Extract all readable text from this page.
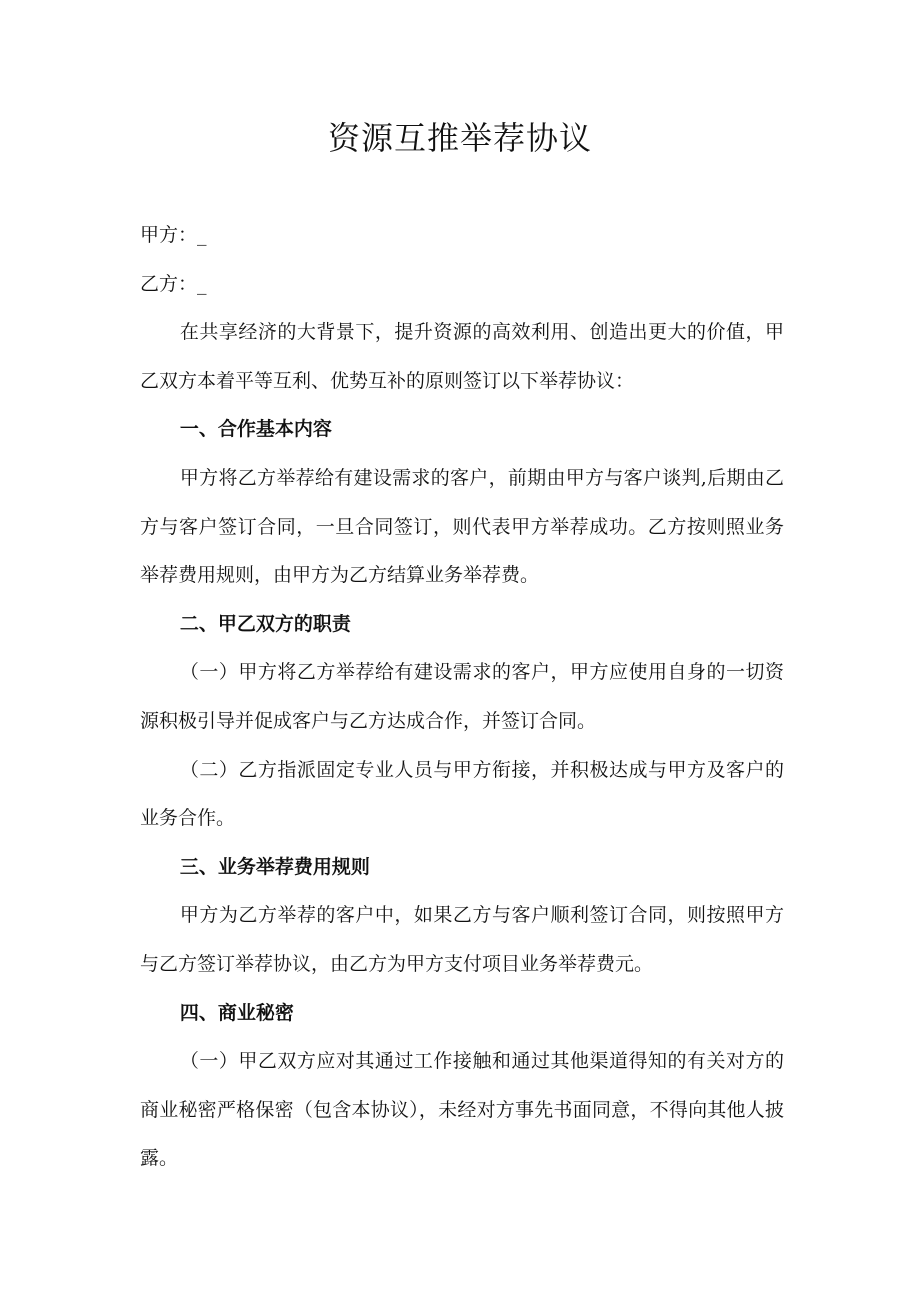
资源互推举荐协议

甲方：_

乙方：_

在共享经济的大背景下，提升资源的高效利用、创造出更大的价值，甲乙双方本着平等互利、优势互补的原则签订以下举荐协议：

一、合作基本内容

甲方将乙方举荐给有建设需求的客户，前期由甲方与客户谈判,后期由乙方与客户签订合同，一旦合同签订，则代表甲方举荐成功。乙方按则照业务举荐费用规则，由甲方为乙方结算业务举荐费。

二、甲乙双方的职责

（一）甲方将乙方举荐给有建设需求的客户，甲方应使用自身的一切资源积极引导并促成客户与乙方达成合作，并签订合同。

（二）乙方指派固定专业人员与甲方衔接，并积极达成与甲方及客户的业务合作。

三、业务举荐费用规则

甲方为乙方举荐的客户中，如果乙方与客户顺利签订合同，则按照甲方与乙方签订举荐协议，由乙方为甲方支付项目业务举荐费元。

四、商业秘密

（一）甲乙双方应对其通过工作接触和通过其他渠道得知的有关对方的商业秘密严格保密（包含本协议），未经对方事先书面同意，不得向其他人披露。
